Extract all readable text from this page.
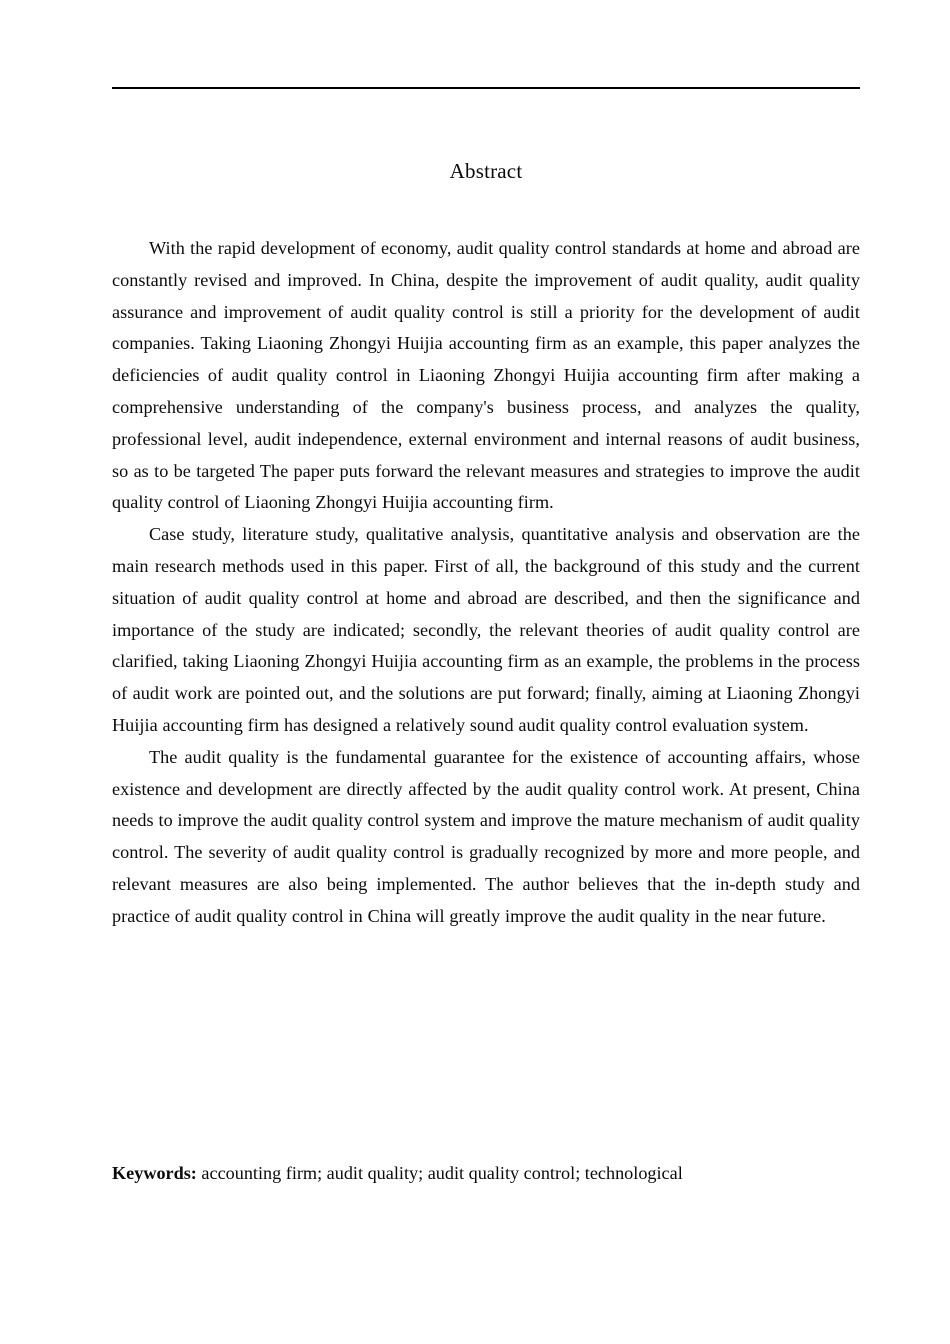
Abstract

With the rapid development of economy, audit quality control standards at home and abroad are constantly revised and improved. In China, despite the improvement of audit quality, audit quality assurance and improvement of audit quality control is still a priority for the development of audit companies. Taking Liaoning Zhongyi Huijia accounting firm as an example, this paper analyzes the deficiencies of audit quality control in Liaoning Zhongyi Huijia accounting firm after making a comprehensive understanding of the company's business process, and analyzes the quality, professional level, audit independence, external environment and internal reasons of audit business, so as to be targeted The paper puts forward the relevant measures and strategies to improve the audit quality control of Liaoning Zhongyi Huijia accounting firm.

Case study, literature study, qualitative analysis, quantitative analysis and observation are the main research methods used in this paper. First of all, the background of this study and the current situation of audit quality control at home and abroad are described, and then the significance and importance of the study are indicated; secondly, the relevant theories of audit quality control are clarified, taking Liaoning Zhongyi Huijia accounting firm as an example, the problems in the process of audit work are pointed out, and the solutions are put forward; finally, aiming at Liaoning Zhongyi Huijia accounting firm has designed a relatively sound audit quality control evaluation system.

The audit quality is the fundamental guarantee for the existence of accounting affairs, whose existence and development are directly affected by the audit quality control work. At present, China needs to improve the audit quality control system and improve the mature mechanism of audit quality control. The severity of audit quality control is gradually recognized by more and more people, and relevant measures are also being implemented. The author believes that the in-depth study and practice of audit quality control in China will greatly improve the audit quality in the near future.

Keywords: accounting firm; audit quality; audit quality control; technological
